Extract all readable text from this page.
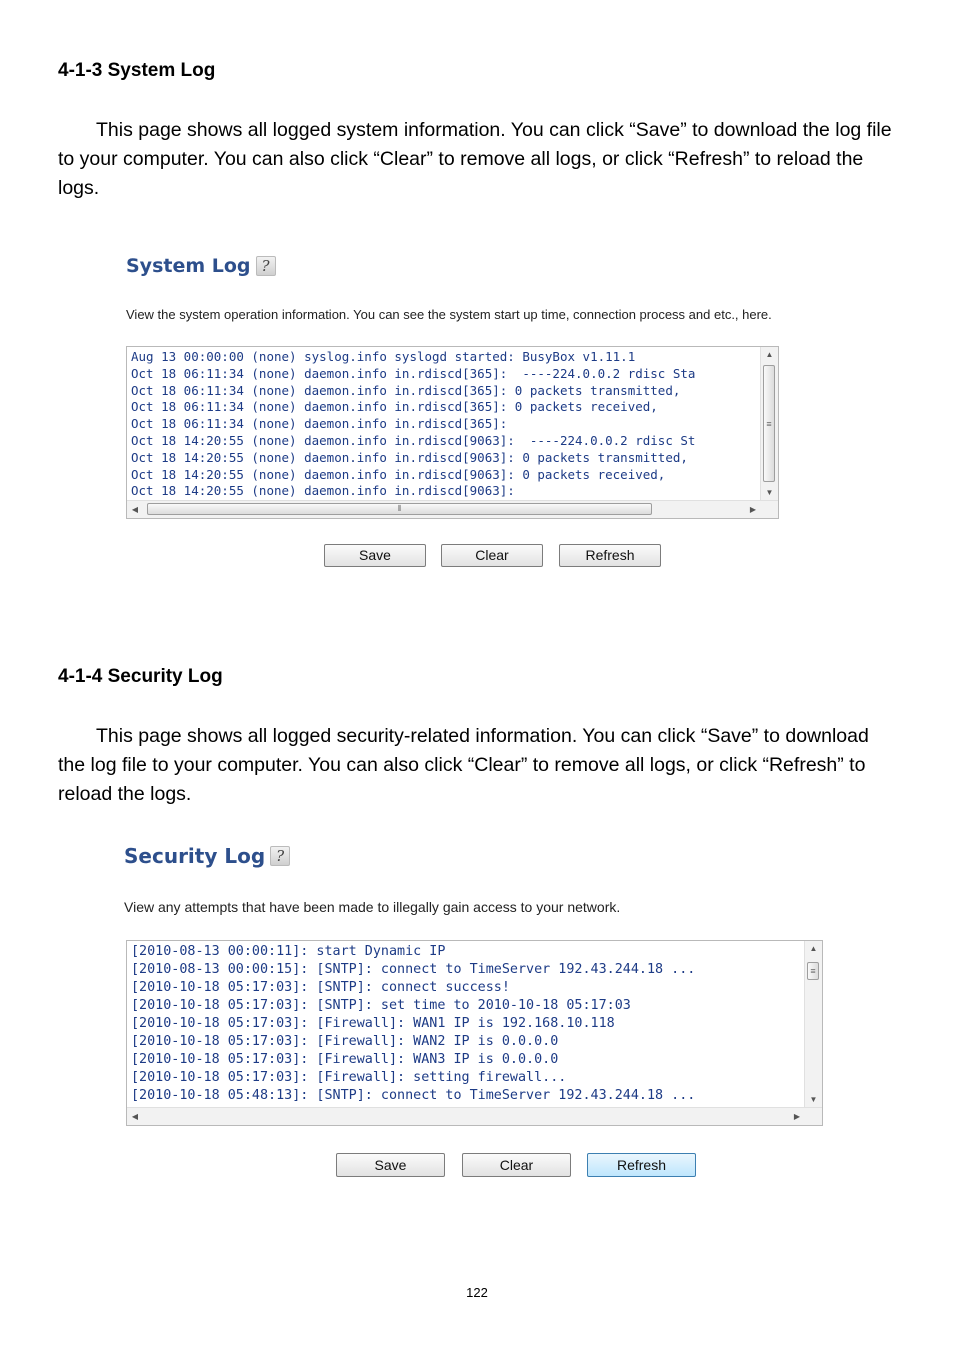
4-1-3 System Log

This page shows all logged system information. You can click “Save” to download the log file to your computer. You can also click “Clear” to remove all logs, or click “Refresh” to reload the logs.

System Log ?

View the system operation information. You can see the system start up time, connection process and etc., here.

Aug 13 00:00:00 (none) syslog.info syslogd started: BusyBox v1.11.1
Oct 18 06:11:34 (none) daemon.info in.rdiscd[365]:  ----224.0.0.2 rdisc Sta
Oct 18 06:11:34 (none) daemon.info in.rdiscd[365]: 0 packets transmitted,
Oct 18 06:11:34 (none) daemon.info in.rdiscd[365]: 0 packets received,
Oct 18 06:11:34 (none) daemon.info in.rdiscd[365]:
Oct 18 14:20:55 (none) daemon.info in.rdiscd[9063]:  ----224.0.0.2 rdisc St
Oct 18 14:20:55 (none) daemon.info in.rdiscd[9063]: 0 packets transmitted,
Oct 18 14:20:55 (none) daemon.info in.rdiscd[9063]: 0 packets received,
Oct 18 14:20:55 (none) daemon.info in.rdiscd[9063]:
▲
≡
▼
◀	⦀	▶
Save	Clear	Refresh
4-1-4 Security Log

This page shows all logged security-related information. You can click “Save” to download the log file to your computer. You can also click “Clear” to remove all logs, or click “Refresh” to reload the logs.

Security Log ?

View any attempts that have been made to illegally gain access to your network.

[2010-08-13 00:00:11]: start Dynamic IP
[2010-08-13 00:00:15]: [SNTP]: connect to TimeServer 192.43.244.18 ...
[2010-10-18 05:17:03]: [SNTP]: connect success!
[2010-10-18 05:17:03]: [SNTP]: set time to 2010-10-18 05:17:03
[2010-10-18 05:17:03]: [Firewall]: WAN1 IP is 192.168.10.118
[2010-10-18 05:17:03]: [Firewall]: WAN2 IP is 0.0.0.0
[2010-10-18 05:17:03]: [Firewall]: WAN3 IP is 0.0.0.0
[2010-10-18 05:17:03]: [Firewall]: setting firewall...
[2010-10-18 05:48:13]: [SNTP]: connect to TimeServer 192.43.244.18 ...
▲
≡
▼
◀	▶
Save	Clear	Refresh
122
